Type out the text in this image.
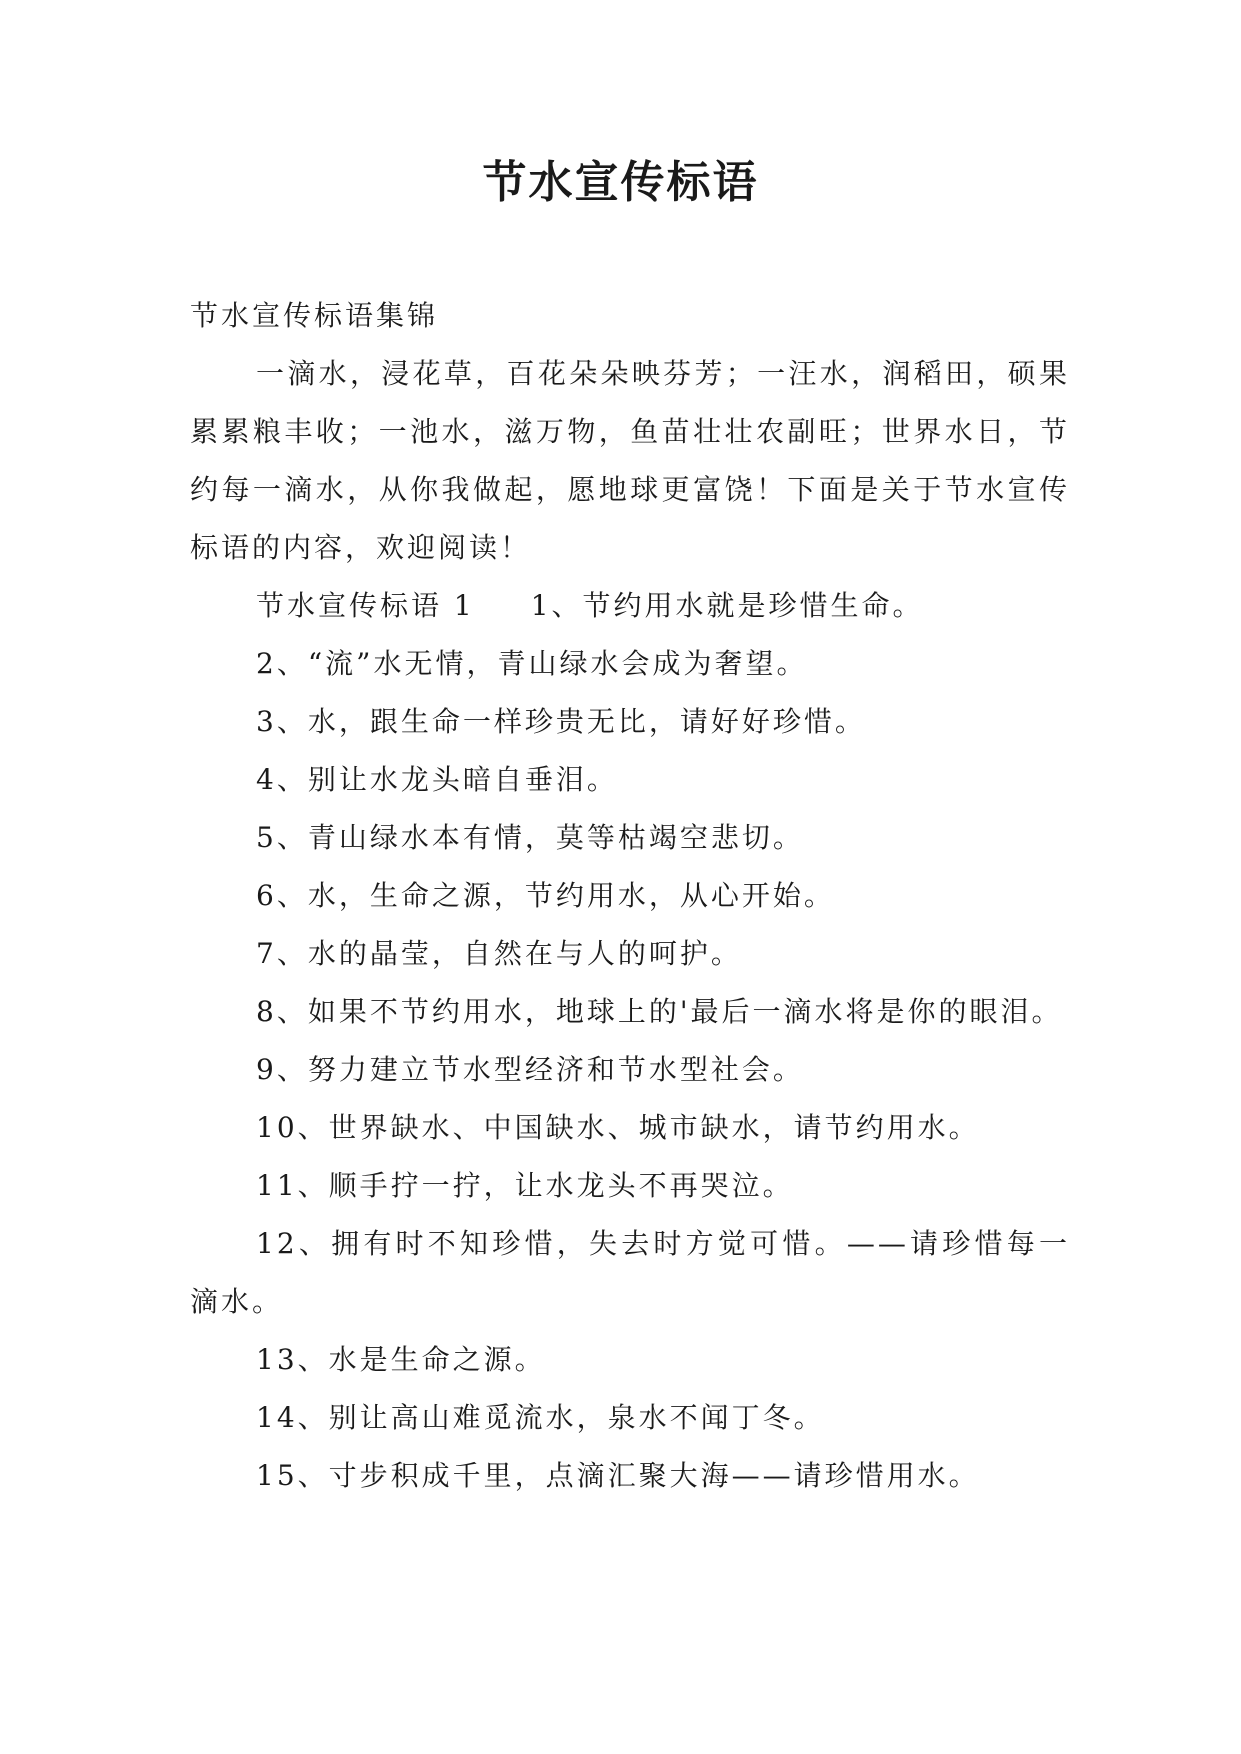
节水宣传标语

节水宣传标语集锦

一滴水，浸花草，百花朵朵映芬芳；一汪水，润稻田，硕果累累粮丰收；一池水，滋万物，鱼苗壮壮农副旺；世界水日，节约每一滴水，从你我做起，愿地球更富饶！下面是关于节水宣传标语的内容，欢迎阅读！

节水宣传标语 1 1、节约用水就是珍惜生命。

2、“流”水无情，青山绿水会成为奢望。

3、水，跟生命一样珍贵无比，请好好珍惜。

4、别让水龙头暗自垂泪。

5、青山绿水本有情，莫等枯竭空悲切。

6、水，生命之源，节约用水，从心开始。

7、水的晶莹，自然在与人的呵护。

8、如果不节约用水，地球上的'最后一滴水将是你的眼泪。

9、努力建立节水型经济和节水型社会。

10、世界缺水、中国缺水、城市缺水，请节约用水。

11、顺手拧一拧，让水龙头不再哭泣。

12、拥有时不知珍惜，失去时方觉可惜。——请珍惜每一滴水。

13、水是生命之源。

14、别让高山难觅流水，泉水不闻丁冬。

15、寸步积成千里，点滴汇聚大海——请珍惜用水。
